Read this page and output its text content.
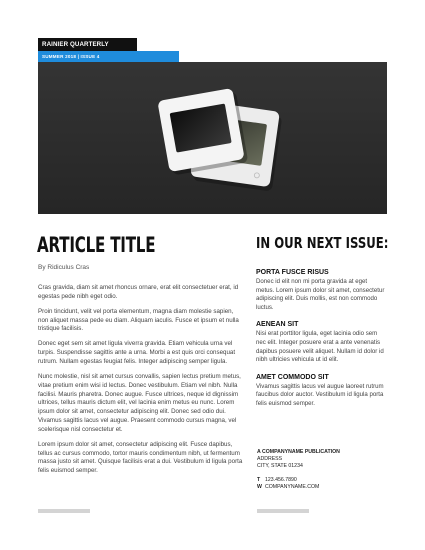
RAINIER QUARTERLY
SUMMER 2018 | ISSUE 4
ARTICLE TITLE
By Ridiculus Cras

Cras gravida, diam sit amet rhoncus ornare, erat elit consectetuer erat, id egestas pede nibh eget odio.

Proin tincidunt, velit vel porta elementum, magna diam molestie sapien, non aliquet massa pede eu diam. Aliquam iaculis. Fusce et ipsum et nulla tristique facilisis.

Donec eget sem sit amet ligula viverra gravida. Etiam vehicula urna vel turpis. Suspendisse sagittis ante a urna. Morbi a est quis orci consequat rutrum. Nullam egestas feugiat felis. Integer adipiscing semper ligula.

Nunc molestie, nisl sit amet cursus convallis, sapien lectus pretium metus, vitae pretium enim wisi id lectus. Donec vestibulum. Etiam vel nibh. Nulla facilisi. Mauris pharetra. Donec augue. Fusce ultrices, neque id dignissim ultrices, tellus mauris dictum elit, vel lacinia enim metus eu nunc. Lorem ipsum dolor sit amet, consectetur adipiscing elit. Donec sed odio dui. Vivamus sagittis lacus vel augue. Praesent commodo cursus magna, vel scelerisque nisl consectetur et.

Lorem ipsum dolor sit amet, consectetur adipiscing elit. Fusce dapibus, tellus ac cursus commodo, tortor mauris condimentum nibh, ut fermentum massa justo sit amet. Quisque facilisis erat a dui. Vestibulum id ligula porta felis euismod semper.

IN OUR NEXT ISSUE:
PORTA FUSCE RISUS

Donec id elit non mi porta gravida at eget metus. Lorem ipsum dolor sit amet, consectetur adipiscing elit. Duis mollis, est non commodo luctus.

AENEAN SIT

Nisi erat porttitor ligula, eget lacinia odio sem nec elit. Integer posuere erat a ante venenatis dapibus posuere velit aliquet. Nullam id dolor id nibh ultricies vehicula ut id elit.

AMET COMMODO SIT

Vivamus sagittis lacus vel augue laoreet rutrum faucibus dolor auctor. Vestibulum id ligula porta felis euismod semper.

A COMPANYNAME PUBLICATION
ADDRESS
CITY, STATE 01234
T 123.456.7890
W COMPANYNAME.COM
